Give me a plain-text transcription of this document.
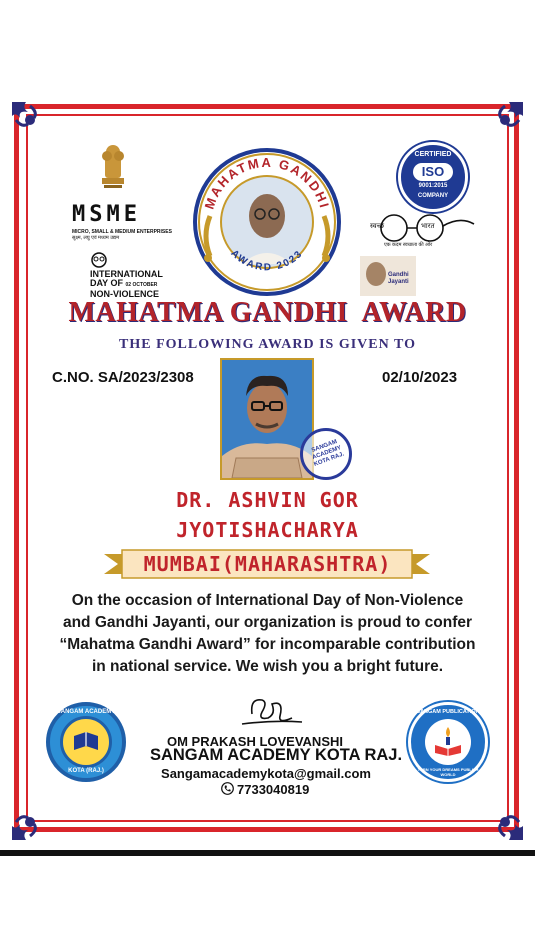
MSME
MICRO, SMALL & MEDIUM ENTERPRISES
सूक्ष्म, लघु एवं मध्यम उद्यम
INTERNATIONAL
DAY OF 02 OCTOBER
NON-VIOLENCE
MAHATMA GANDHI
AWARD 2023
CERTIFIED
ISO
9001:2015
COMPANY
स्वच्छ	भारत
एक कदम स्वच्छता की ओर
Gandhi Jayanti
MAHATMA GANDHI  AWARD
THE FOLLOWING AWARD IS GIVEN TO
C.NO. SA/2023/2308	02/10/2023
SANGAM ACADEMY KOTA RAJ.
DR. ASHVIN GOR
JYOTISHACHARYA
MUMBAI(MAHARASHTRA)
On the occasion of International Day of Non-Violence
and Gandhi Jayanti, our organization is proud to confer
“Mahatma Gandhi Award” for incomparable contribution
in national service. We wish you a bright future.
SANGAM ACADEMY
KOTA (RAJ.)
OM PRAKASH LOVEVANSHI
SANGAM ACADEMY KOTA RAJ.
Sangamacademykota@gmail.com
7733040819
SANGAM PUBLICATION
TURN YOUR DREAMS PUBLISH WORLD
